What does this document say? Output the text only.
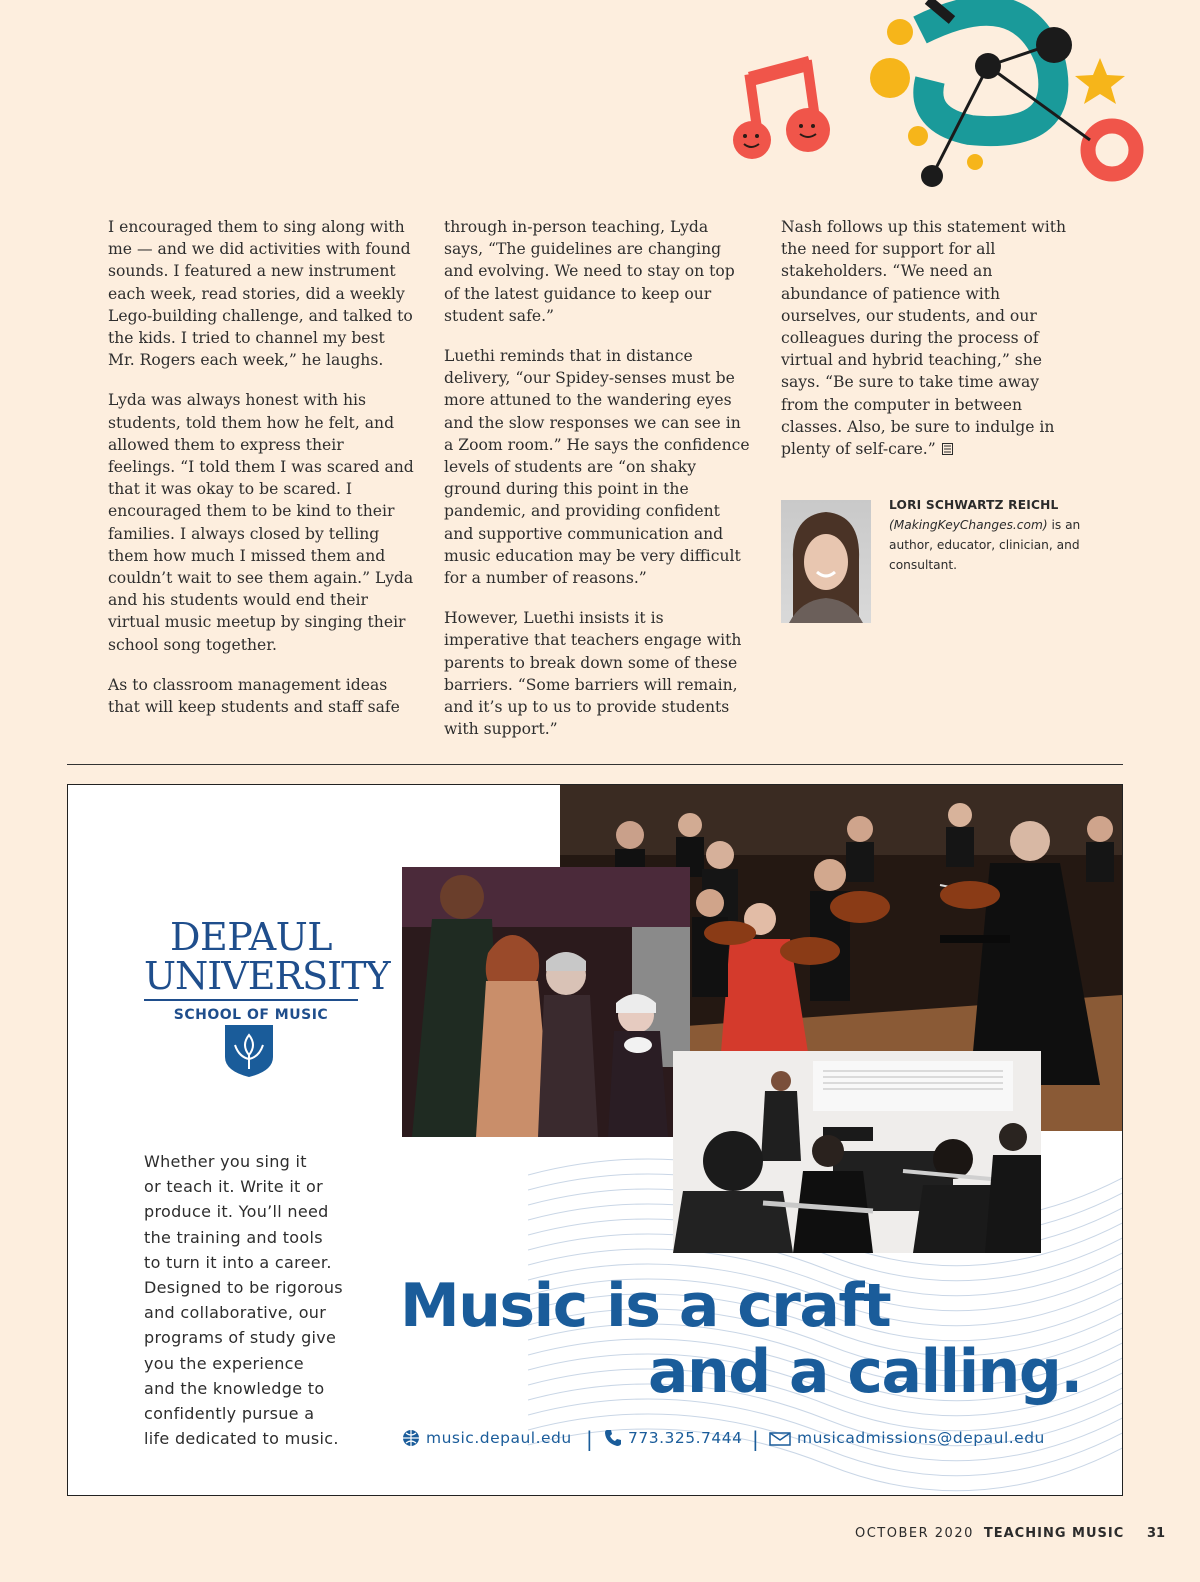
I encouraged them to sing along with me — and we did activities with found sounds. I featured a new instrument each week, read stories, did a weekly Lego-building challenge, and talked to the kids. I tried to channel my best Mr. Rogers each week,” he laughs.

Lyda was always honest with his students, told them how he felt, and allowed them to express their feelings. “I told them I was scared and that it was okay to be scared. I encouraged them to be kind to their families. I always closed by telling them how much I missed them and couldn’t wait to see them again.” Lyda and his students would end their virtual music meetup by singing their school song together.

As to classroom management ideas that will keep students and staff safe

through in-person teaching, Lyda says, “The guidelines are changing and evolving. We need to stay on top of the latest guidance to keep our student safe.”

Luethi reminds that in distance delivery, “our Spidey-senses must be more attuned to the wandering eyes and the slow responses we can see in a Zoom room.” He says the confidence levels of students are “on shaky ground during this point in the pandemic, and providing confident and supportive communication and music education may be very difficult for a number of reasons.”

However, Luethi insists it is imperative that teachers engage with parents to break down some of these barriers. “Some barriers will remain, and it’s up to us to provide students with support.”

Nash follows up this statement with the need for support for all stakeholders. “We need an abundance of patience with ourselves, our students, and our colleagues during the process of virtual and hybrid teaching,” she says. “Be sure to take time away from the computer in between classes. Also, be sure to indulge in plenty of self-care.”

LORI SCHWARTZ REICHL
(MakingKeyChanges.com) is an author, educator, clinician, and consultant.
DEPAUL
UNIVERSITY
SCHOOL OF MUSIC
Whether you sing it
or teach it. Write it or
produce it. You’ll need
the training and tools
to turn it into a career.
Designed to be rigorous
and collaborative, our
programs of study give
you the experience
and the knowledge to
confidently pursue a
life dedicated to music.
Music is a craft
and a calling.
music.depaul.edu |	773.325.7444 |	musicadmissions@depaul.edu
OCTOBER 2020 TEACHING MUSIC 31
